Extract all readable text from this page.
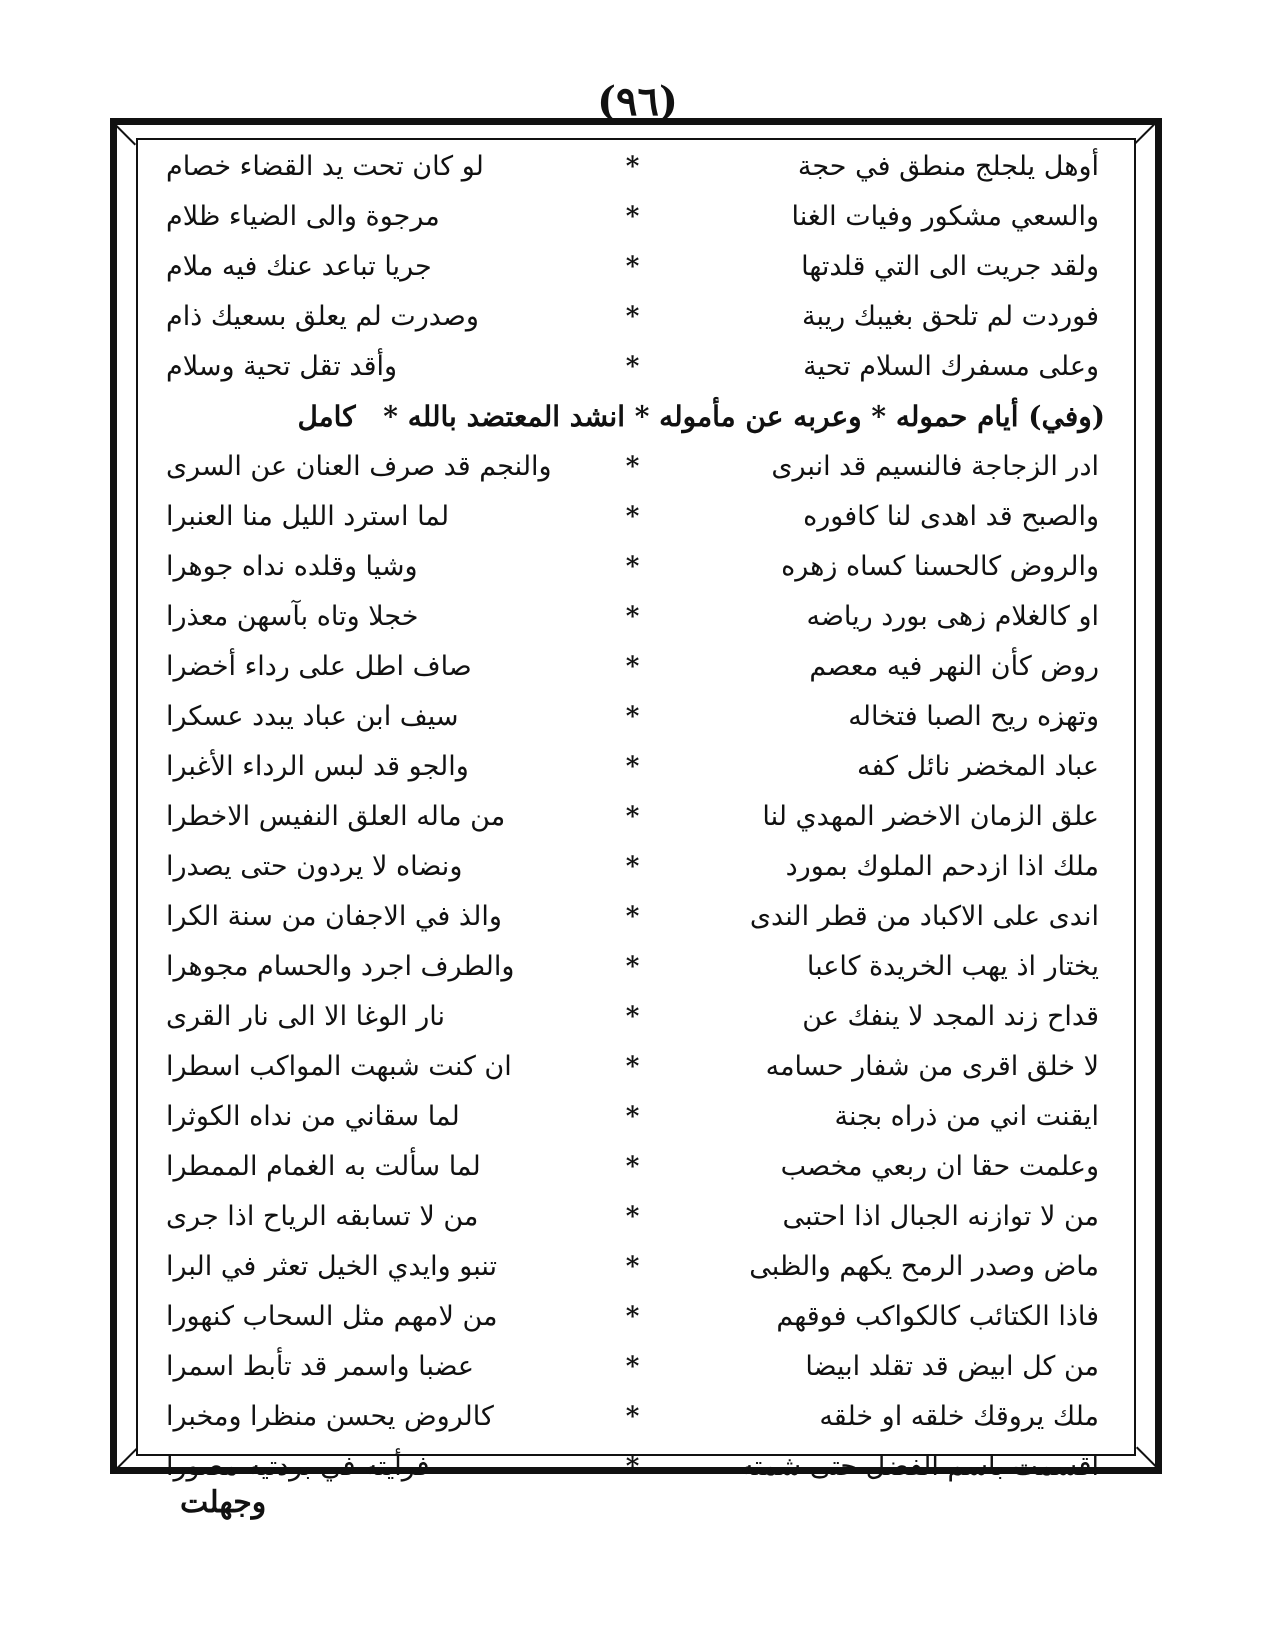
(٩٦)
أوهل يلجلج منطق في حجة
*
لو كان تحت يد القضاء خصام
والسعي مشكور وفيات الغنا
*
مرجوة والى الضياء ظلام
ولقد جريت الى التي قلدتها
*
جريا تباعد عنك فيه ملام
فوردت لم تلحق بغيبك ريبة
*
وصدرت لم يعلق بسعيك ذام
وعلى مسفرك السلام تحية
*
وأقد تقل تحية وسلام
(وفي) أيام حموله * وعربه عن مأموله * انشد المعتضد بالله * كامل
ادر الزجاجة فالنسيم قد انبرى
*
والنجم قد صرف العنان عن السرى
والصبح قد اهدى لنا كافوره
*
لما استرد الليل منا العنبرا
والروض كالحسنا كساه زهره
*
وشيا وقلده نداه جوهرا
او كالغلام زهى بورد رياضه
*
خجلا وتاه بآسهن معذرا
روض كأن النهر فيه معصم
*
صاف اطل على رداء أخضرا
وتهزه ريح الصبا فتخاله
*
سيف ابن عباد يبدد عسكرا
عباد المخضر نائل كفه
*
والجو قد لبس الرداء الأغبرا
علق الزمان الاخضر المهدي لنا
*
من ماله العلق النفيس الاخطرا
ملك اذا ازدحم الملوك بمورد
*
ونضاه لا يردون حتى يصدرا
اندى على الاكباد من قطر الندى
*
والذ في الاجفان من سنة الكرا
يختار اذ يهب الخريدة كاعبا
*
والطرف اجرد والحسام مجوهرا
قداح زند المجد لا ينفك عن
*
نار الوغا الا الى نار القرى
لا خلق اقرى من شفار حسامه
*
ان كنت شبهت المواكب اسطرا
ايقنت اني من ذراه بجنة
*
لما سقاني من نداه الكوثرا
وعلمت حقا ان ربعي مخصب
*
لما سألت به الغمام الممطرا
من لا توازنه الجبال اذا احتبى
*
من لا تسابقه الرياح اذا جرى
ماض وصدر الرمح يكهم والظبى
*
تنبو وايدي الخيل تعثر في البرا
فاذا الكتائب كالكواكب فوقهم
*
من لامهم مثل السحاب كنهورا
من كل ابيض قد تقلد ابيضا
*
عضبا واسمر قد تأبط اسمرا
ملك يروقك خلقه او خلقه
*
كالروض يحسن منظرا ومخبرا
اقسمت باسم الفضل حتى شمته
*
فرأيته في بردتيه مصورا
وجهلت
